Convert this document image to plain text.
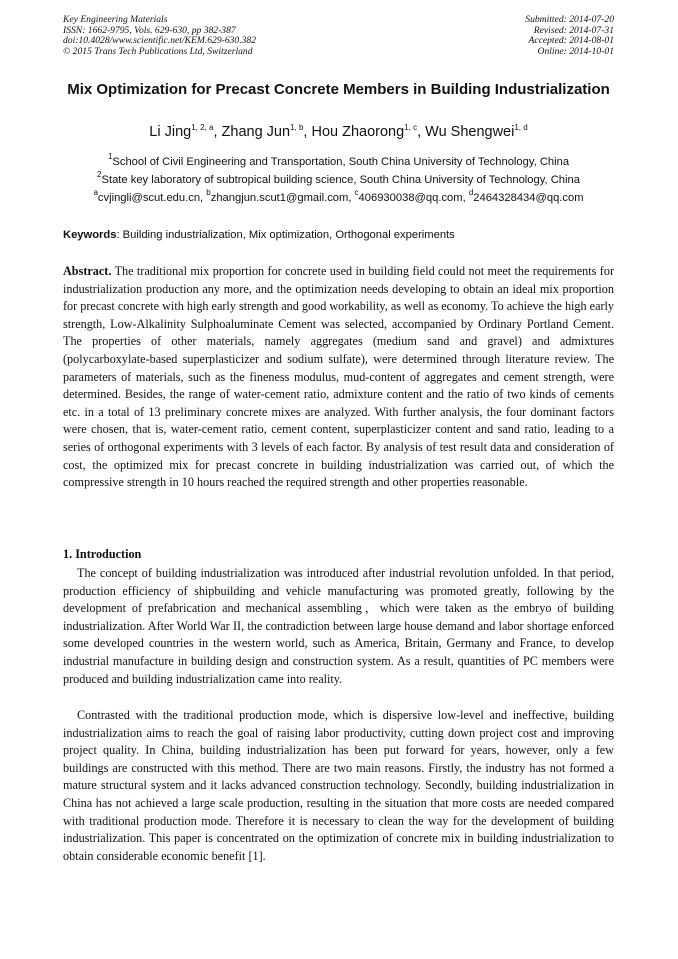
Key Engineering Materials
ISSN: 1662-9795, Vols. 629-630, pp 382-387
doi:10.4028/www.scientific.net/KEM.629-630.382
© 2015 Trans Tech Publications Ltd, Switzerland
Submitted: 2014-07-20
Revised: 2014-07-31
Accepted: 2014-08-01
Online: 2014-10-01
Mix Optimization for Precast Concrete Members in Building Industrialization
Li Jing$^{1, 2, a}$, Zhang Jun$^{1, b}$, Hou Zhaorong$^{1, c}$, Wu Shengwei$^{1, d}$
$^1$School of Civil Engineering and Transportation, South China University of Technology, China
$^2$State key laboratory of subtropical building science, South China University of Technology, China
$^a$cvjingli@scut.edu.cn, $^b$zhangjun.scut1@gmail.com, $^c$406930038@qq.com, $^d$2464328434@qq.com
Keywords: Building industrialization, Mix optimization, Orthogonal experiments
Abstract. The traditional mix proportion for concrete used in building field could not meet the requirements for industrialization production any more, and the optimization needs developing to obtain an ideal mix proportion for precast concrete with high early strength and good workability, as well as economy. To achieve the high early strength, Low-Alkalinity Sulphoaluminate Cement was selected, accompanied by Ordinary Portland Cement. The properties of other materials, namely aggregates (medium sand and gravel) and admixtures (polycarboxylate-based superplasticizer and sodium sulfate), were determined through literature review. The parameters of materials, such as the fineness modulus, mud-content of aggregates and cement strength, were determined. Besides, the range of water-cement ratio, admixture content and the ratio of two kinds of cements etc. in a total of 13 preliminary concrete mixes are analyzed. With further analysis, the four dominant factors were chosen, that is, water-cement ratio, cement content, superplasticizer content and sand ratio, leading to a series of orthogonal experiments with 3 levels of each factor. By analysis of test result data and consideration of cost, the optimized mix for precast concrete in building industrialization was carried out, of which the compressive strength in 10 hours reached the required strength and other properties reasonable.
1. Introduction
The concept of building industrialization was introduced after industrial revolution unfolded. In that period, production efficiency of shipbuilding and vehicle manufacturing was promoted greatly, following by the development of prefabrication and mechanical assembling，which were taken as the embryo of building industrialization. After World War II, the contradiction between large house demand and labor shortage enforced some developed countries in the western world, such as America, Britain, Germany and France, to develop industrial manufacture in building design and construction system. As a result, quantities of PC members were produced and building industrialization came into reality.
Contrasted with the traditional production mode, which is dispersive low-level and ineffective, building industrialization aims to reach the goal of raising labor productivity, cutting down project cost and improving project quality. In China, building industrialization has been put forward for years, however, only a few buildings are constructed with this method. There are two main reasons. Firstly, the industry has not formed a mature structural system and it lacks advanced construction technology. Secondly, building industrialization in China has not achieved a large scale production, resulting in the situation that more costs are needed compared with traditional production mode. Therefore it is necessary to clean the way for the development of building industrialization. This paper is concentrated on the optimization of concrete mix in building industrialization to obtain considerable economic benefit [1].
